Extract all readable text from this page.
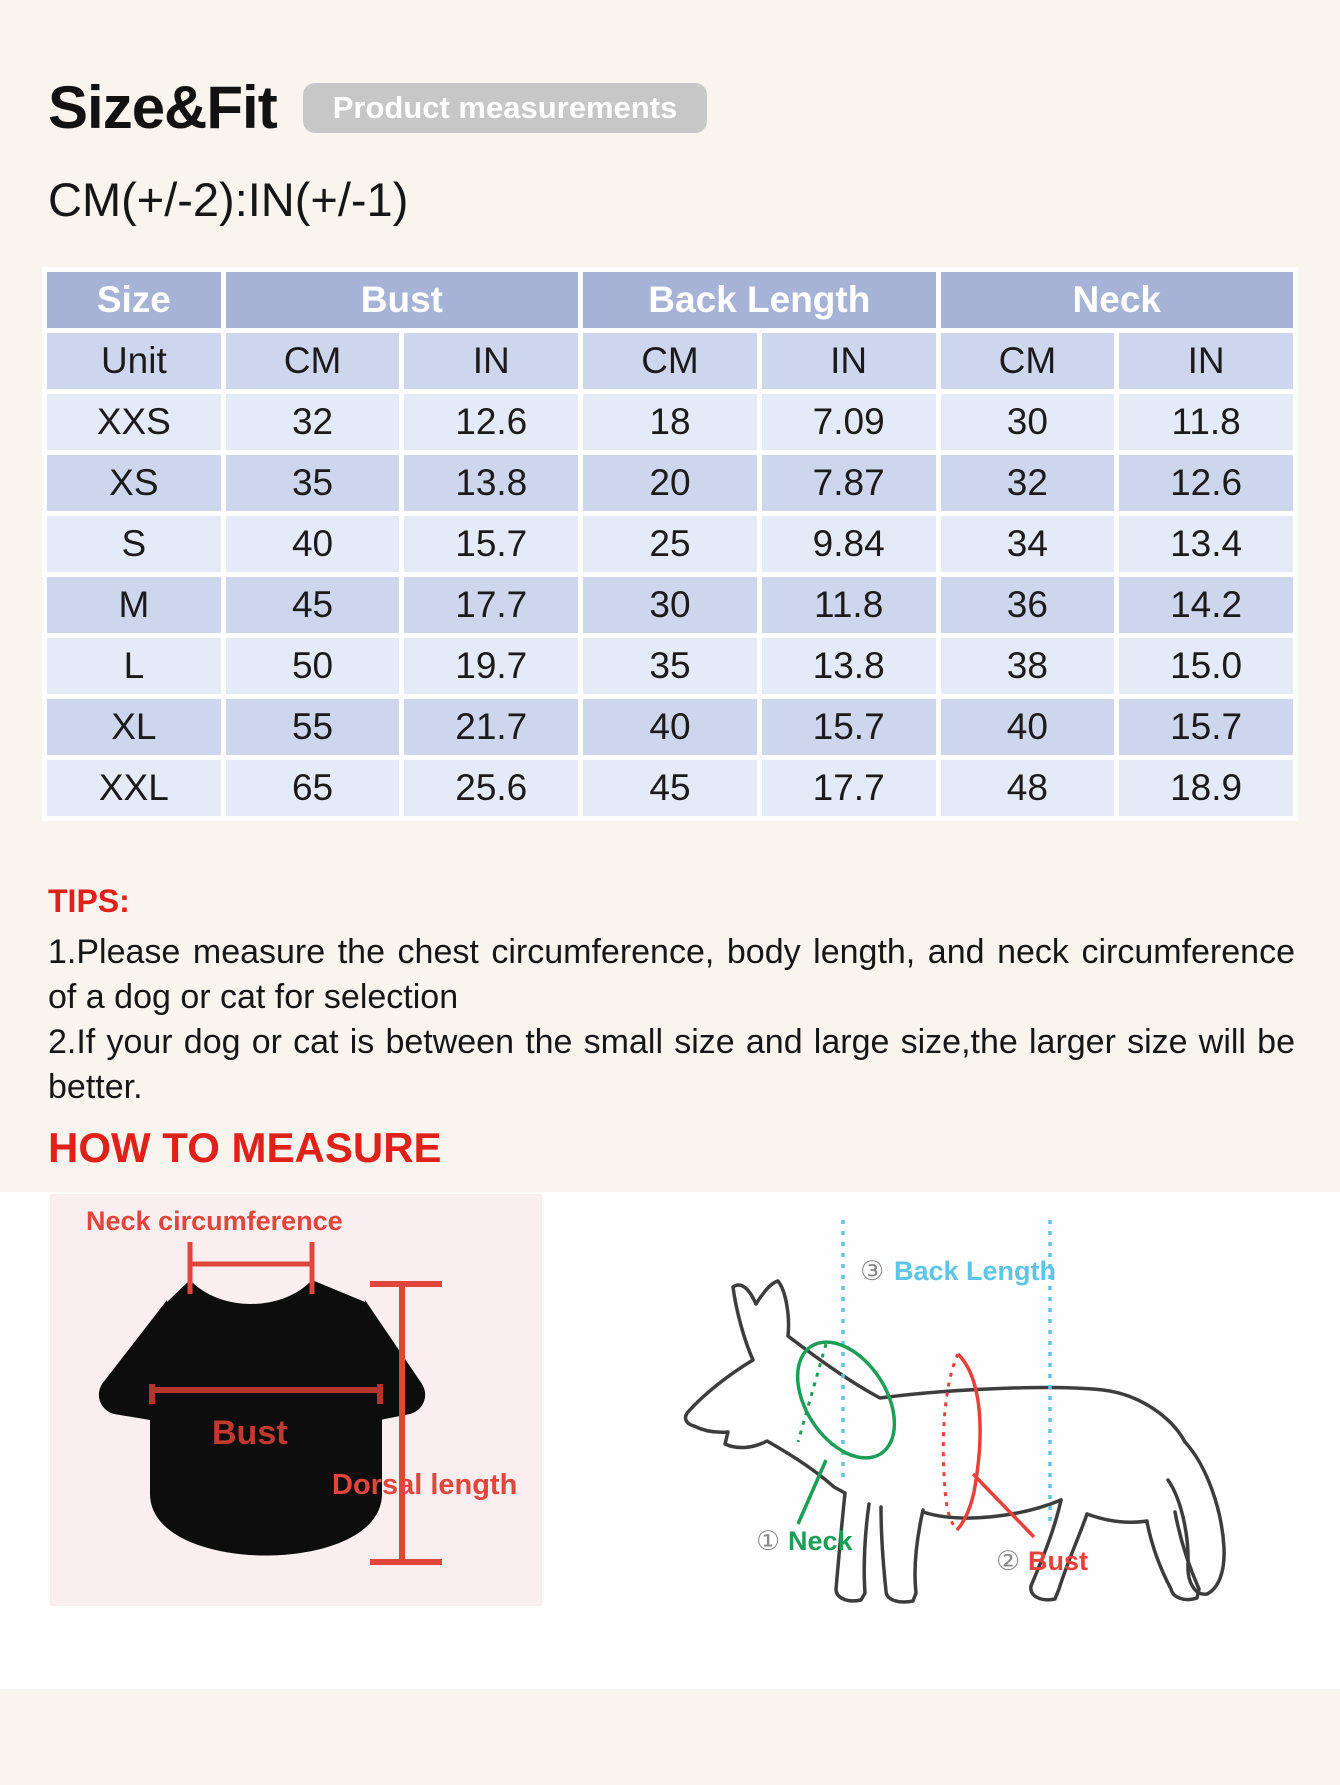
Size&Fit	Product measurements
CM(+/-2):IN(+/-1)
Size	Bust		Back Length		Neck	
Unit	CM	IN	CM	IN	CM	IN
XXS	32	12.6	18	7.09	30	11.8
XS	35	13.8	20	7.87	32	12.6
S	40	15.7	25	9.84	34	13.4
M	45	17.7	30	11.8	36	14.2
L	50	19.7	35	13.8	38	15.0
XL	55	21.7	40	15.7	40	15.7
XXL	65	25.6	45	17.7	48	18.9
TIPS:

1.Please measure the chest circumference, body length, and neck circumference of a dog or cat for selection

2.If your dog or cat is between the small size and large size,the larger size will be better.

HOW TO MEASURE
Neck circumference
Bust
Dorsal length
③ Back Length
① Neck
② Bust
